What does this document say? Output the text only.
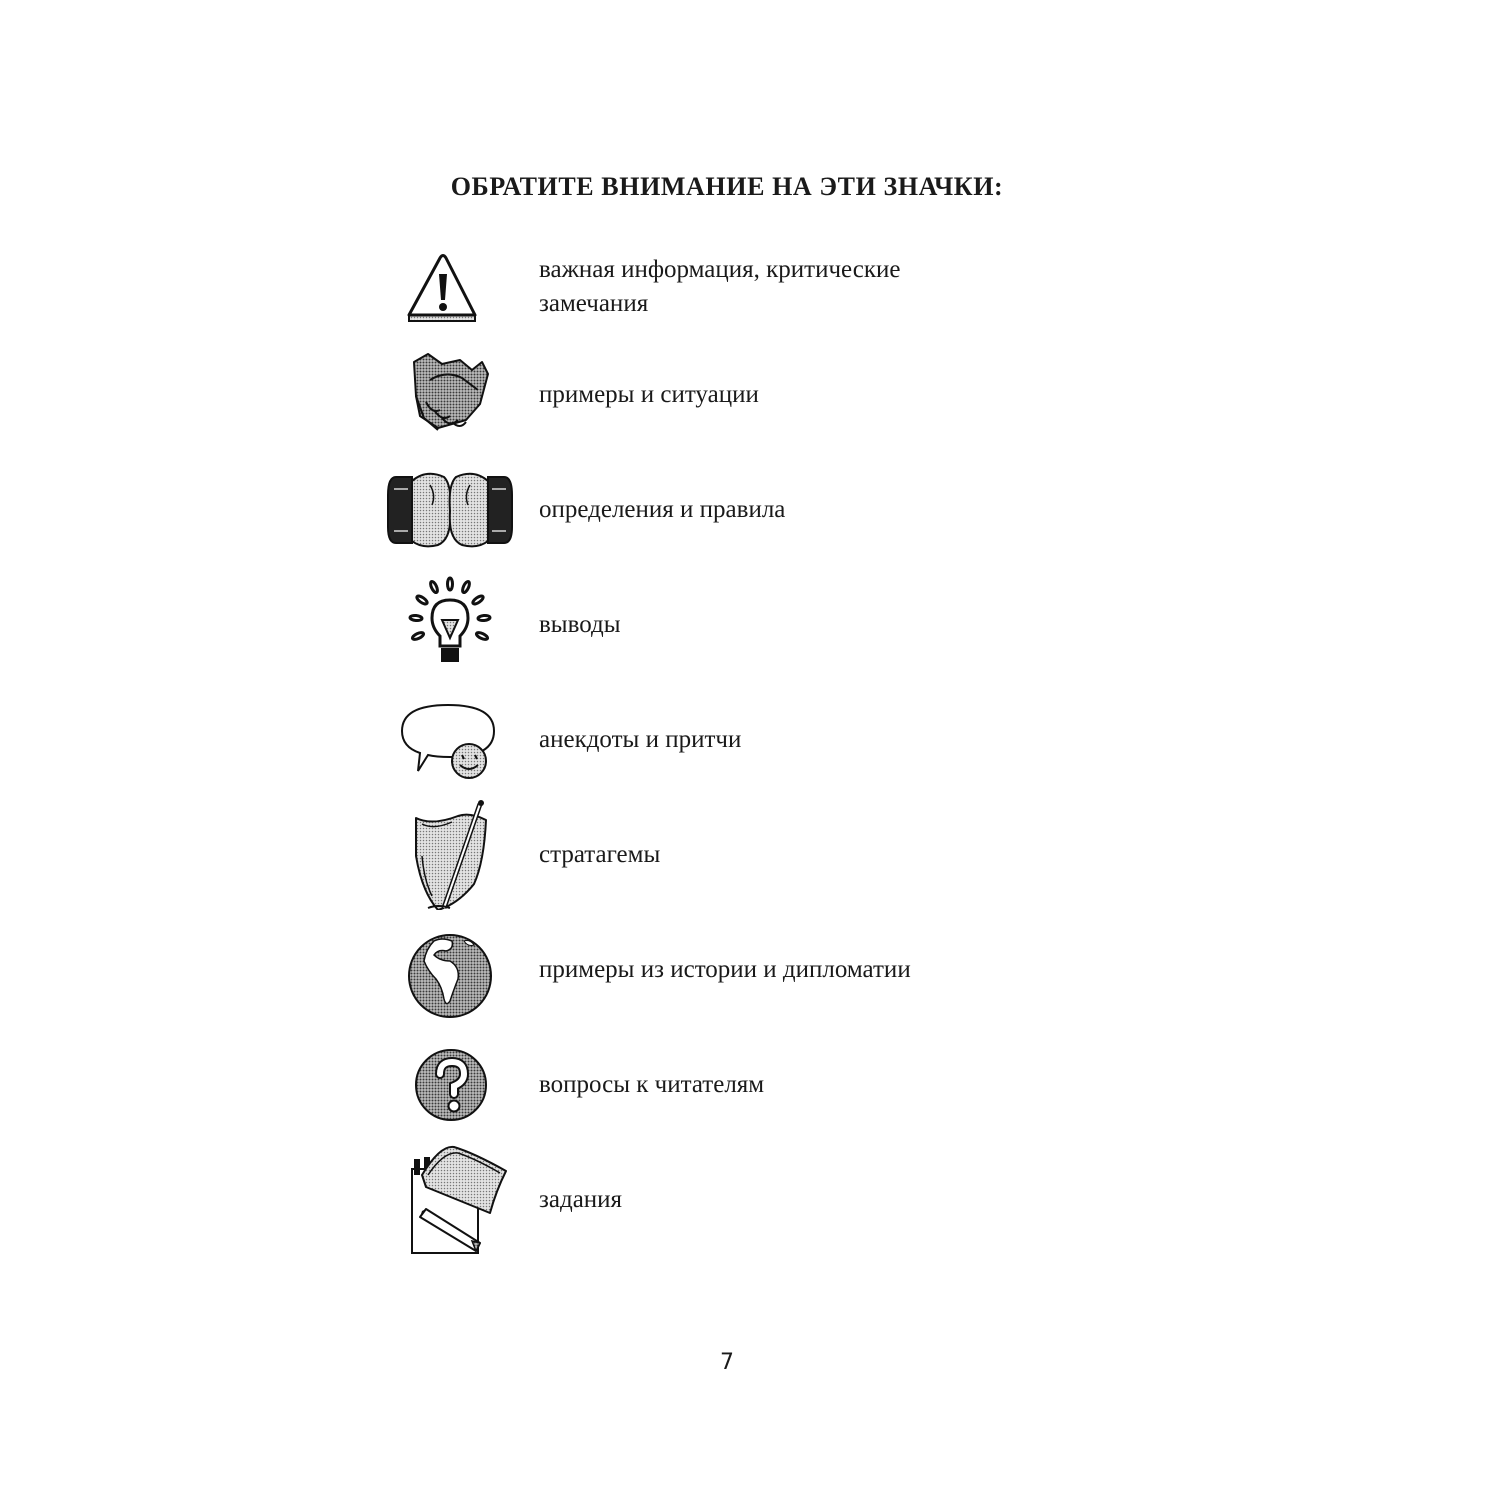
ОБРАТИТЕ ВНИМАНИЕ НА ЭТИ ЗНАЧКИ:
важная информация, критические замечания
примеры и ситуации
определения и правила
выводы
анекдоты и притчи
стратагемы
примеры из истории и дипломатии
вопросы к читателям
задания
7
